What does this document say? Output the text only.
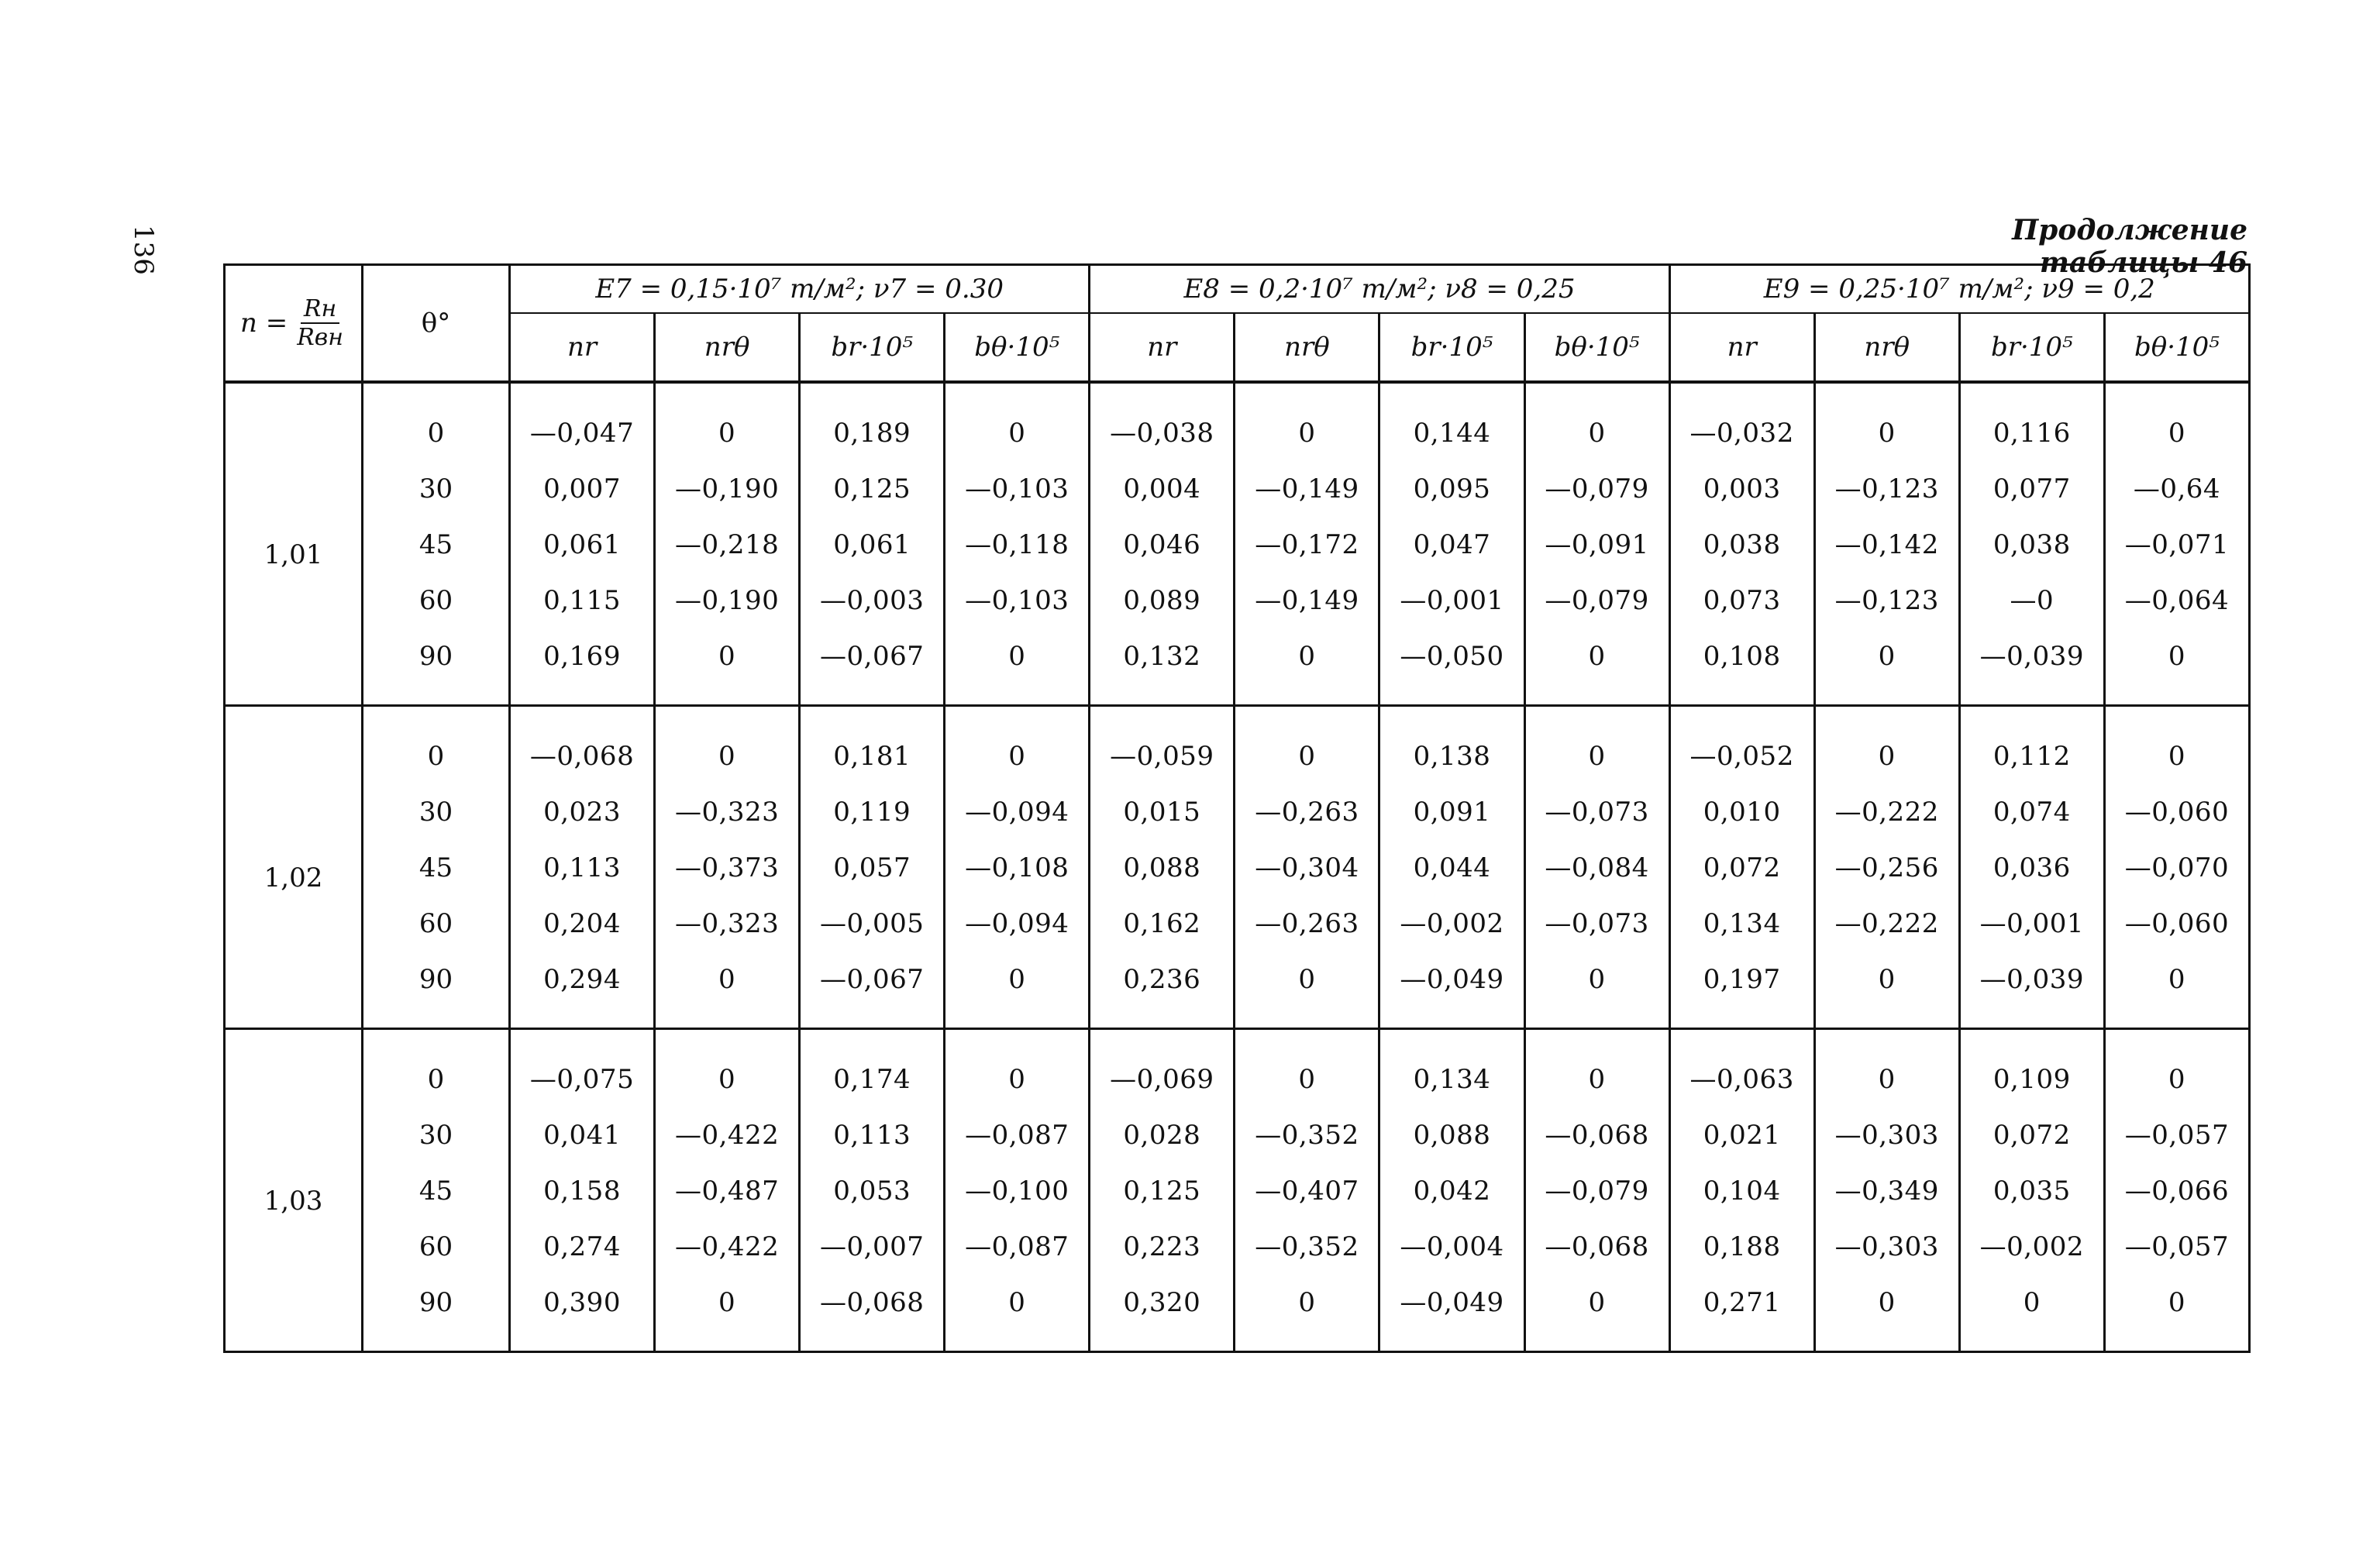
136	Продолжение таблицы 46
$n = \frac{Rн}{\text{Rвн}}$	θ°	E7 = 0,15·10⁷ т/м²; ν7 = 0.30				E8 = 0,2·10⁷ т/м²; ν8 = 0,25				E9 = 0,25·10⁷ т/м²; ν9 = 0,2			
		nr	nrθ	br·10⁵	bθ·10⁵	nr	nrθ	br·10⁵	bθ·10⁵	nr	nrθ	br·10⁵	bθ·10⁵
1,01	0	—0,047	0	0,189	0	—0,038	0	0,144	0	—0,032	0	0,116	0
	30	0,007	—0,190	0,125	—0,103	0,004	—0,149	0,095	—0,079	0,003	—0,123	0,077	—0,64
	45	0,061	—0,218	0,061	—0,118	0,046	—0,172	0,047	—0,091	0,038	—0,142	0,038	—0,071
	60	0,115	—0,190	—0,003	—0,103	0,089	—0,149	—0,001	—0,079	0,073	—0,123	—0	—0,064
	90	0,169	0	—0,067	0	0,132	0	—0,050	0	0,108	0	—0,039	0
1,02	0	—0,068	0	0,181	0	—0,059	0	0,138	0	—0,052	0	0,112	0
	30	0,023	—0,323	0,119	—0,094	0,015	—0,263	0,091	—0,073	0,010	—0,222	0,074	—0,060
	45	0,113	—0,373	0,057	—0,108	0,088	—0,304	0,044	—0,084	0,072	—0,256	0,036	—0,070
	60	0,204	—0,323	—0,005	—0,094	0,162	—0,263	—0,002	—0,073	0,134	—0,222	—0,001	—0,060
	90	0,294	0	—0,067	0	0,236	0	—0,049	0	0,197	0	—0,039	0
1,03	0	—0,075	0	0,174	0	—0,069	0	0,134	0	—0,063	0	0,109	0
	30	0,041	—0,422	0,113	—0,087	0,028	—0,352	0,088	—0,068	0,021	—0,303	0,072	—0,057
	45	0,158	—0,487	0,053	—0,100	0,125	—0,407	0,042	—0,079	0,104	—0,349	0,035	—0,066
	60	0,274	—0,422	—0,007	—0,087	0,223	—0,352	—0,004	—0,068	0,188	—0,303	—0,002	—0,057
	90	0,390	0	—0,068	0	0,320	0	—0,049	0	0,271	0	0	0
